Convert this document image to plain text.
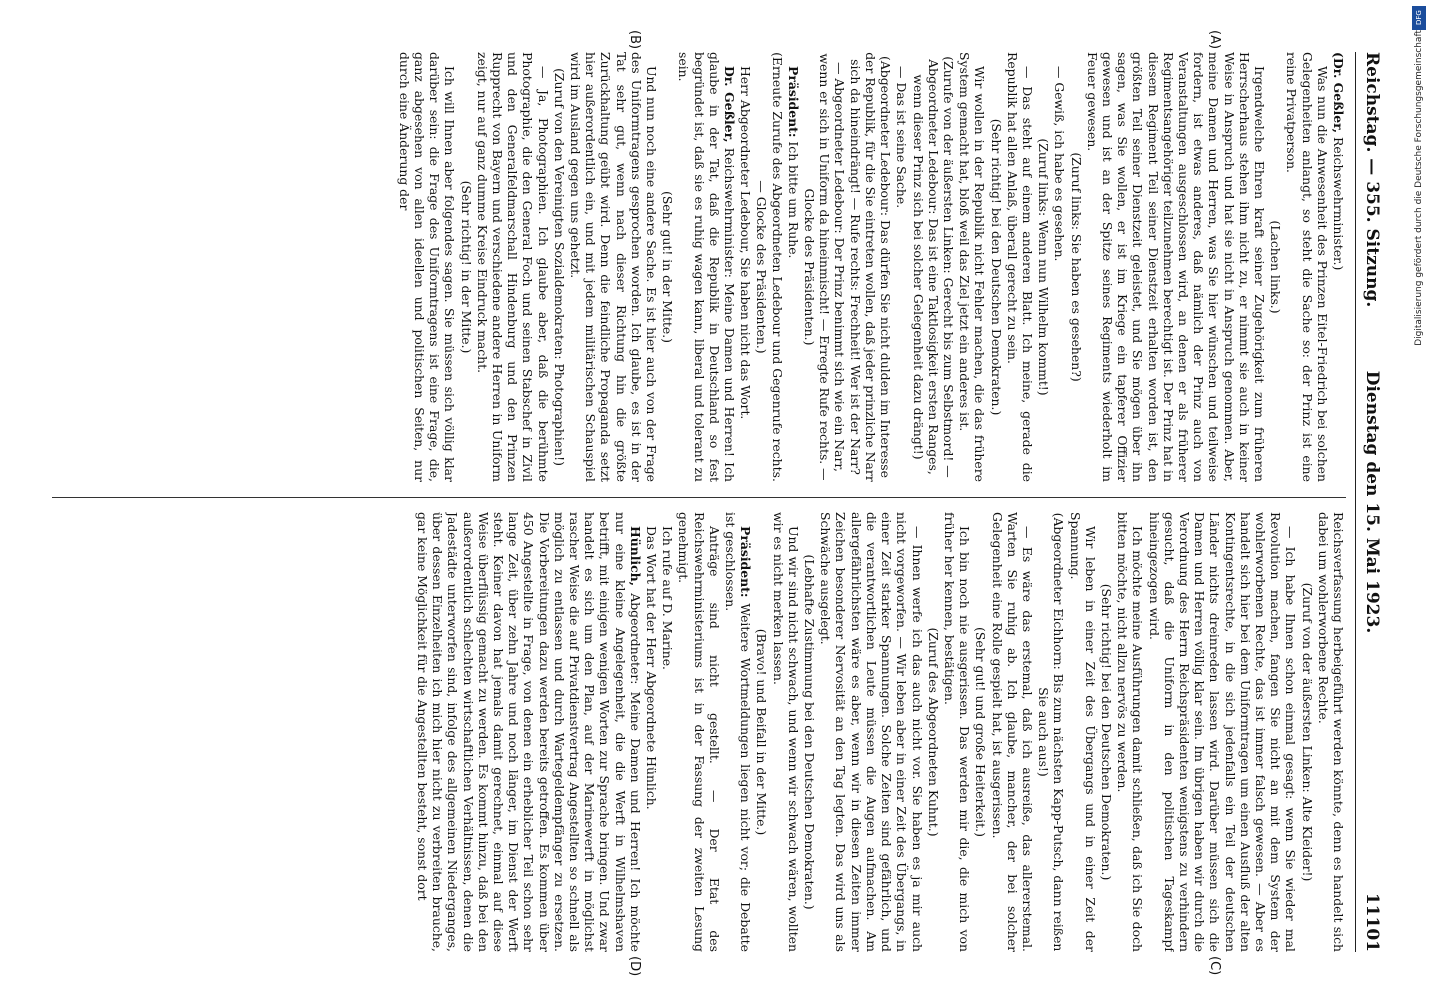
Reichstag. — 355. Sitzung.
Dienstag den 15. Mai 1923.
11101

(Dr. Geßler, Reichswehrminister.)

Was nun die Anwesenheit des Prinzen Eitel-Friedrich bei solchen Gelegenheiten anlangt, so steht die Sache so: der Prinz ist eine reine Privatperson.

(Lachen links.)

Irgendwelche Ehren kraft seiner Zugehörigkeit zum früheren Herrscherhaus stehen ihm nicht zu, er nimmt sie auch in keiner Weise in Anspruch und hat sie nicht in Anspruch genommen. Aber, meine Damen und Herren, was Sie hier wünschen und teilweise fordern, ist etwas anderes, daß nämlich der Prinz auch von Veranstaltungen ausgeschlossen wird, an denen er als früherer Regimentsangehöriger teilzunehmen berechtigt ist. Der Prinz hat in diesem Regiment Teil seiner Dienstzeit erhalten worden ist, den größten Teil seiner Dienstzeit geleistet, und Sie mögen über ihn sagen, was Sie wollen, er ist im Kriege ein tapferer Offizier gewesen und ist an der Spitze seines Regiments wiederholt im Feuer gewesen.

(Zuruf links: Sie haben es gesehen?)

— Gewiß, ich habe es gesehen.

(Zuruf links: Wenn nun Wilhelm kommt!)

— Das steht auf einem anderen Blatt. Ich meine, gerade die Republik hat allen Anlaß, überall gerecht zu sein.

(Sehr richtig! bei den Deutschen Demokraten.)

Wir wollen in der Republik nicht Fehler machen, die das frühere System gemacht hat, bloß weil das Ziel jetzt ein anderes ist.

(Zurufe von der äußersten Linken: Gerecht bis zum Selbstmord! — Abgeordneter Ledebour: Das ist eine Taktlosigkeit ersten Ranges, wenn dieser Prinz sich bei solcher Gelegenheit dazu drängt!)

— Das ist seine Sache.

(Abgeordneter Ledebour: Das dürfen Sie nicht dulden im Interesse der Republik, für die Sie eintreten wollen, daß jeder prinzliche Narr sich da hineindrängt! — Rufe rechts: Frechheit! Wer ist der Narr? — Abgeordneter Ledebour: Der Prinz benimmt sich wie ein Narr, wenn er sich in Uniform da hineinmischt! — Erregte Rufe rechts. — Glocke des Präsidenten.)

Präsident: Ich bitte um Ruhe.

(Erneute Zurufe des Abgeordneten Ledebour und Gegenrufe rechts. — Glocke des Präsidenten.)

Herr Abgeordneter Ledebour, Sie haben nicht das Wort.

Dr. Geßler, Reichswehrminister: Meine Damen und Herren! Ich glaube in der Tat, daß die Republik in Deutschland so fest begründet ist, daß sie es ruhig wagen kann, liberal und tolerant zu sein.

(Sehr gut! in der Mitte.)

Und nun noch eine andere Sache. Es ist hier auch von der Frage des Uniformtragens gesprochen worden. Ich glaube, es ist in der Tat sehr gut, wenn nach dieser Richtung hin die größte Zurückhaltung geübt wird. Denn die feindliche Propaganda setzt hier außerordentlich ein, und mit jedem militärischen Schauspiel wird im Ausland gegen uns gehetzt.

(Zuruf von den Vereinigten Sozialdemokraten: Photographien!)

— Ja, Photographien. Ich glaube aber, daß die berühmte Photographie, die den General Foch und seinen Stabschef in Zivil und den Generalfeldmarschall Hindenburg und den Prinzen Rupprecht von Bayern und verschiedene andere Herren in Uniform zeigt, nur auf ganz dumme Kreise Eindruck macht.

(Sehr richtig! in der Mitte.)

Ich will Ihnen aber folgendes sagen. Sie müssen sich völlig klar darüber sein: die Frage des Uniformtragens ist eine Frage, die, ganz abgesehen von allen ideellen und politischen Seiten, nur durch eine Änderung der

Reichsverfassung herbeigeführt werden könnte, denn es handelt sich dabei um wohlerworbene Rechte.

(Zuruf von der äußersten Linken: Alte Kleider!)

— Ich habe Ihnen schon einmal gesagt: wenn Sie wieder mal Revolution machen, fangen Sie nicht an mit dem System der wohlerworbenen Rechte, das ist immer falsch gewesen. — Aber es handelt sich hier bei dem Uniformtragen um einen Ausfluß der alten Kontingentsrechte, in die sich jedenfalls ein Teil der deutschen Länder nichts dreinreden lassen wird. Darüber müssen sich die Damen und Herren völlig klar sein. Im übrigen haben wir durch die Verordnung des Herrn Reichspräsidenten wenigstens zu verhindern gesucht, daß die Uniform in den politischen Tageskampf hineingezogen wird.

Ich möchte meine Ausführungen damit schließen, daß ich Sie doch bitten möchte, nicht allzu nervös zu werden.

(Sehr richtig! bei den Deutschen Demokraten.)

Wir leben in einer Zeit des Übergangs und in einer Zeit der Spannung.

(Abgeordneter Eichhorn: Bis zum nächsten Kapp-Putsch, dann reißen Sie auch aus!)

— Es wäre das erstemal, daß ich ausreiße, das allererstemal. Warten Sie ruhig ab. Ich glaube, mancher, der bei solcher Gelegenheit eine Rolle gespielt hat, ist ausgerissen.

(Sehr gut! und große Heiterkeit.)

Ich bin noch nie ausgerissen. Das werden mir die, die mich von früher her kennen, bestätigen.

(Zuruf des Abgeordneten Kuhnt.)

— Ihnen werfe ich das auch nicht vor. Sie haben es ja mir auch nicht vorgeworfen. — Wir leben aber in einer Zeit des Übergangs, in einer Zeit starker Spannungen. Solche Zeiten sind gefährlich, und die verantwortlichen Leute müssen die Augen aufmachen. Am allergefährlichsten wäre es aber, wenn wir in diesen Zeiten immer Zeichen besonderer Nervosität an den Tag legten. Das wird uns als Schwäche ausgelegt.

(Lebhafte Zustimmung bei den Deutschen Demokraten.)

Und wir sind nicht schwach, und wenn wir schwach wären, wollten wir es nicht merken lassen.

(Bravo! und Beifall in der Mitte.)

Präsident: Weitere Wortmeldungen liegen nicht vor; die Debatte ist geschlossen.

Anträge sind nicht gestellt. — Der Etat des Reichswehrministeriums ist in der Fassung der zweiten Lesung genehmigt.

Ich rufe auf D. Marine.

Das Wort hat der Herr Abgeordnete Hünlich.

Hünlich, Abgeordneter: Meine Damen und Herren! Ich möchte nur eine kleine Angelegenheit, die die Werft in Wilhelmshaven betrifft, mit einigen wenigen Worten zur Sprache bringen. Und zwar handelt es sich um den Plan, auf der Marinewerft in möglichst rascher Weise die auf Privatdienstvertrag Angestellten so schnell als möglich zu entlassen und durch Wartegeldempfänger zu ersetzen. Die Vorbereitungen dazu werden bereits getroffen. Es kommen über 450 Angestellte in Frage, von denen ein erheblicher Teil schon sehr lange Zeit, über zehn Jahre und noch länger, im Dienst der Werft steht. Keiner davon hat jemals damit gerechnet, einmal auf diese Weise überflüssig gemacht zu werden. Es kommt hinzu, daß bei den außerordentlich schlechten wirtschaftlichen Verhältnissen, denen die Jadestädte unterworfen sind, infolge des allgemeinen Niederganges, über dessen Einzelheiten ich mich hier nicht zu verbreiten brauche, gar keine Möglichkeit für die Angestellten besteht, sonst dort

(A)
(B)
(C)
(D)
DFG
Digitalisierung gefördert durch die Deutsche Forschungsgemeinschaft
